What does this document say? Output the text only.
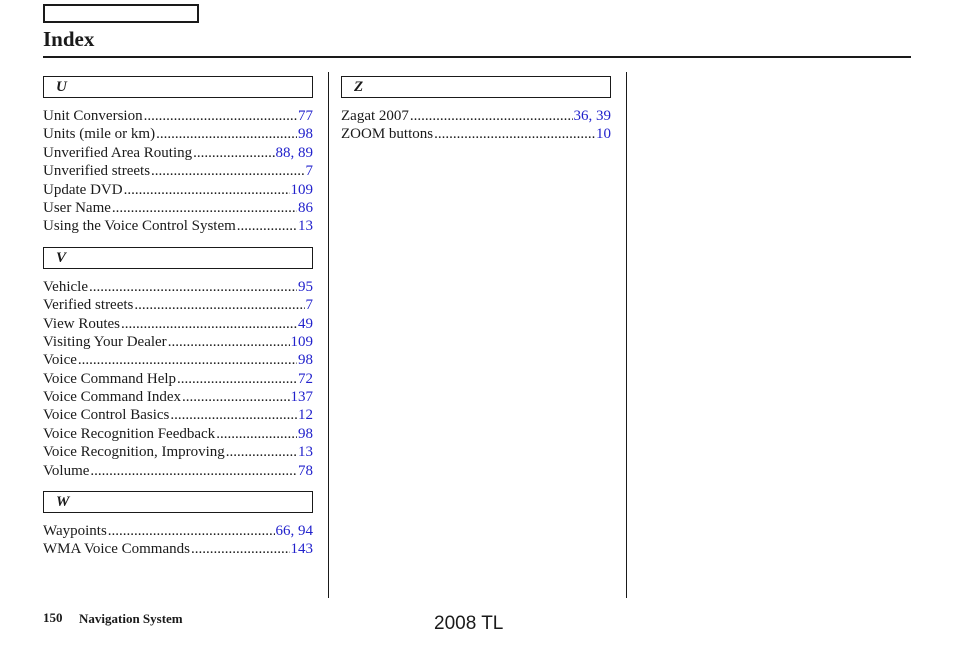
Index
U
Unit Conversion .....	77
Units (mile or km) .....	98
Unverified Area Routing .....	88, 89
Unverified streets .....	7
Update DVD .....	109
User Name .....	86
Using the Voice Control System .....	13
V
Vehicle .....	95
Verified streets .....	7
View Routes .....	49
Visiting Your Dealer .....	109
Voice .....	98
Voice Command Help .....	72
Voice Command Index .....	137
Voice Control Basics .....	12
Voice Recognition Feedback .....	98
Voice Recognition, Improving .....	13
Volume .....	78
W
Waypoints .....	66, 94
WMA Voice Commands .....	143
Z
Zagat 2007 .....	36, 39
ZOOM buttons .....	10
150 Navigation System	2008 TL
